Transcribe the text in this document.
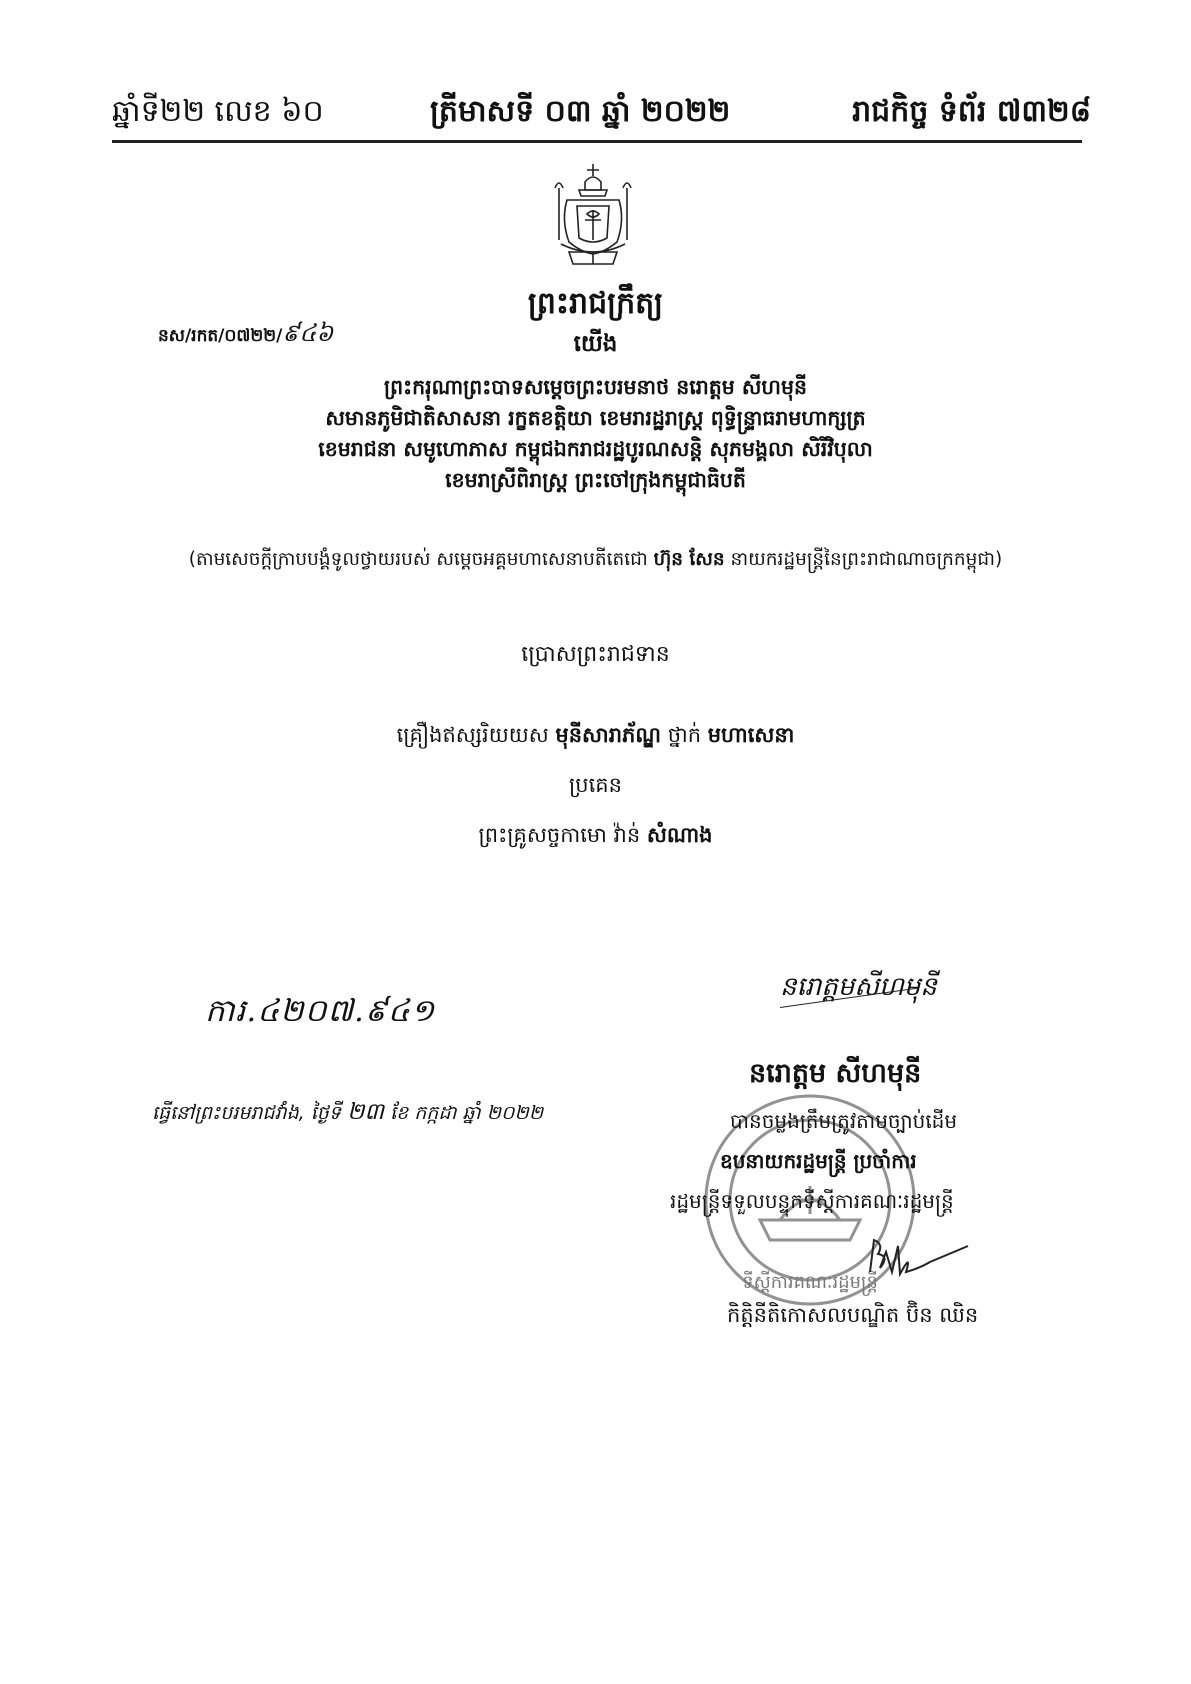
ឆ្នាំទី២២ លេខ ៦០	ត្រីមាសទី ០៣ ឆ្នាំ ២០២២	រាជកិច្ច ទំព័រ ៧៣២៨
ព្រះរាជក្រឹត្យ
នស/រកត/០៧២២/៩៤៦	យើង
ព្រះករុណាព្រះបាទសម្តេចព្រះបរមនាថ នរោត្តម សីហមុនី
សមានភូមិជាតិសាសនា រក្ខតខត្តិយា ខេមរារដ្ឋរាស្ត្រ ពុទ្ធិន្ទ្រាធរាមហាក្សត្រ
ខេមរាជនា សមូហោភាស កម្ពុជឯករាជរដ្ឋបូរណសន្តិ សុភមង្គលា សិរីវិបុលា
ខេមរាស្រីពិរាស្ត្រ ព្រះចៅក្រុងកម្ពុជាធិបតី
(តាមសេចក្តីក្រាបបង្គំទូលថ្វាយរបស់ សម្តេចអគ្គមហាសេនាបតីតេជោ ហ៊ុន សែន នាយករដ្ឋមន្ត្រីនៃព្រះរាជាណាចក្រកម្ពុជា)
ប្រោសព្រះរាជទាន
គ្រឿងឥស្សរិយយស មុនីសារាភ័ណ្ឌ ថ្នាក់ មហាសេនា
ប្រគេន
ព្រះគ្រូសច្ចកាមោ វ៉ាន់ សំណាង
ការ.៤២០៧.៩៤១
ធ្វើនៅព្រះបរមរាជវាំង, ថ្ងៃទី ២៣ ខែ កក្កដា ឆ្នាំ ២០២២
នរោត្តមសីហមុនី
នរោត្តម សីហមុនី
ទីស្តីការគណៈរដ្ឋមន្ត្រី
បានចម្លងត្រឹមត្រូវតាមច្បាប់ដើម
ឧបនាយករដ្ឋមន្ត្រី ប្រចាំការ
រដ្ឋមន្ត្រីទទួលបន្ទុកទីស្តីការគណៈរដ្ឋមន្ត្រី
កិត្តិនីតិកោសលបណ្ឌិត ប៊ិន ឈិន
